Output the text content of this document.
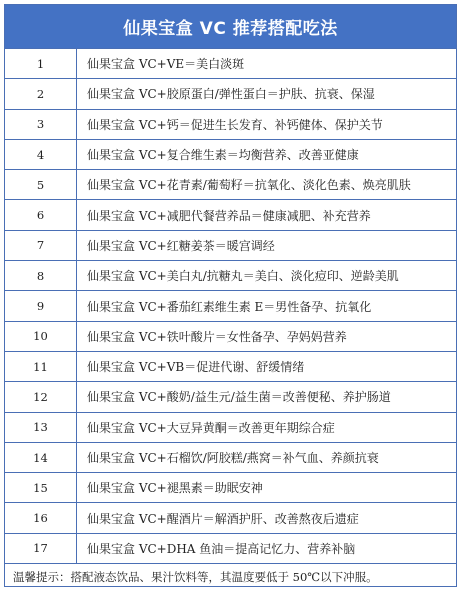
仙果宝盒 VC 推荐搭配吃法
1	仙果宝盒 VC+VE＝美白淡斑
2	仙果宝盒 VC+胶原蛋白/弹性蛋白＝护肤、抗衰、保湿
3	仙果宝盒 VC+钙＝促进生长发育、补钙健体、保护关节
4	仙果宝盒 VC+复合维生素＝均衡营养、改善亚健康
5	仙果宝盒 VC+花青素/葡萄籽＝抗氧化、淡化色素、焕亮肌肤
6	仙果宝盒 VC+减肥代餐营养品＝健康减肥、补充营养
7	仙果宝盒 VC+红糖姜茶＝暖宫调经
8	仙果宝盒 VC+美白丸/抗糖丸＝美白、淡化痘印、逆龄美肌
9	仙果宝盒 VC+番茄红素维生素 E＝男性备孕、抗氧化
10	仙果宝盒 VC+铁叶酸片＝女性备孕、孕妈妈营养
11	仙果宝盒 VC+VB＝促进代谢、舒缓情绪
12	仙果宝盒 VC+酸奶/益生元/益生菌＝改善便秘、养护肠道
13	仙果宝盒 VC+大豆异黄酮＝改善更年期综合症
14	仙果宝盒 VC+石榴饮/阿胶糕/燕窝＝补气血、养颜抗衰
15	仙果宝盒 VC+褪黑素＝助眠安神
16	仙果宝盒 VC+醒酒片＝解酒护肝、改善熬夜后遗症
17	仙果宝盒 VC+DHA 鱼油＝提高记忆力、营养补脑
温馨提示：搭配液态饮品、果汁饮料等，其温度要低于 50℃以下冲服。
